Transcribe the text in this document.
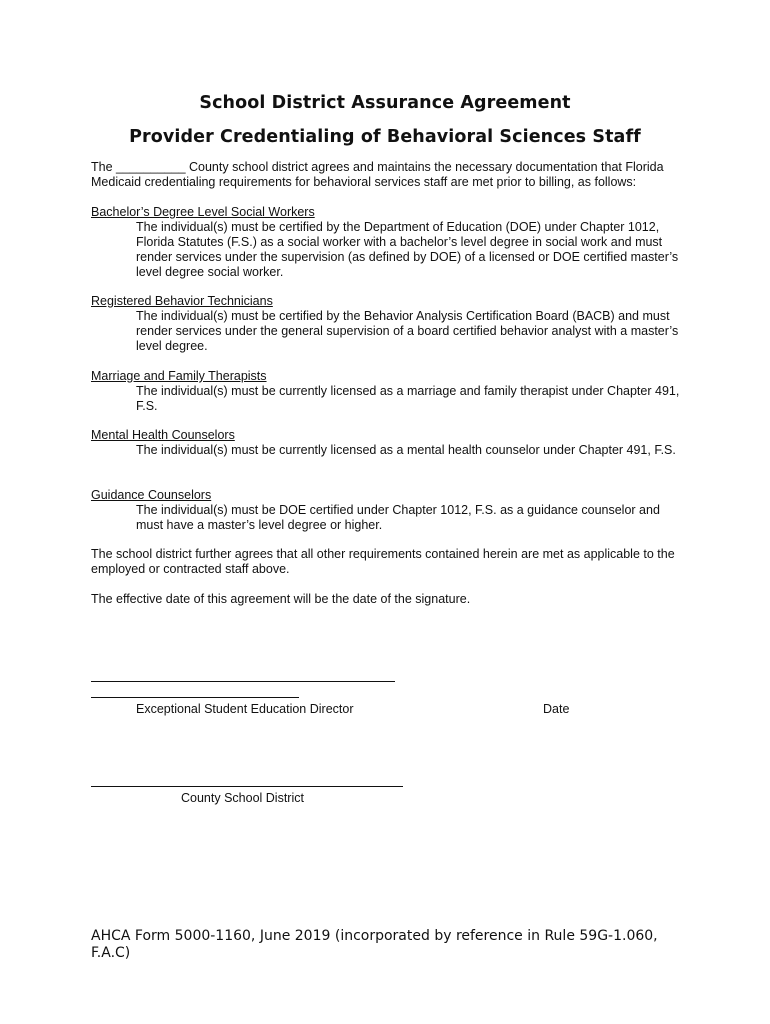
School District Assurance Agreement
Provider Credentialing of Behavioral Sciences Staff
The __________ County school district agrees and maintains the necessary documentation that Florida Medicaid credentialing requirements for behavioral services staff are met prior to billing, as follows:
Bachelor’s Degree Level Social Workers
The individual(s) must be certified by the Department of Education (DOE) under Chapter 1012, Florida Statutes (F.S.) as a social worker with a bachelor’s level degree in social work and must render services under the supervision (as defined by DOE) of a licensed or DOE certified master’s level degree social worker.
Registered Behavior Technicians
The individual(s) must be certified by the Behavior Analysis Certification Board (BACB) and must render services under the general supervision of a board certified behavior analyst with a master’s level degree.
Marriage and Family Therapists
The individual(s) must be currently licensed as a marriage and family therapist under Chapter 491, F.S.
Mental Health Counselors
The individual(s) must be currently licensed as a mental health counselor under Chapter 491, F.S.
Guidance Counselors
The individual(s) must be DOE certified under Chapter 1012, F.S. as a guidance counselor and must have a master’s level degree or higher.
The school district further agrees that all other requirements contained herein are met as applicable to the employed or contracted staff above.
The effective date of this agreement will be the date of the signature.
Exceptional Student Education Director	Date
County School District
AHCA Form 5000-1160, June 2019 (incorporated by reference in Rule 59G-1.060, F.A.C)
